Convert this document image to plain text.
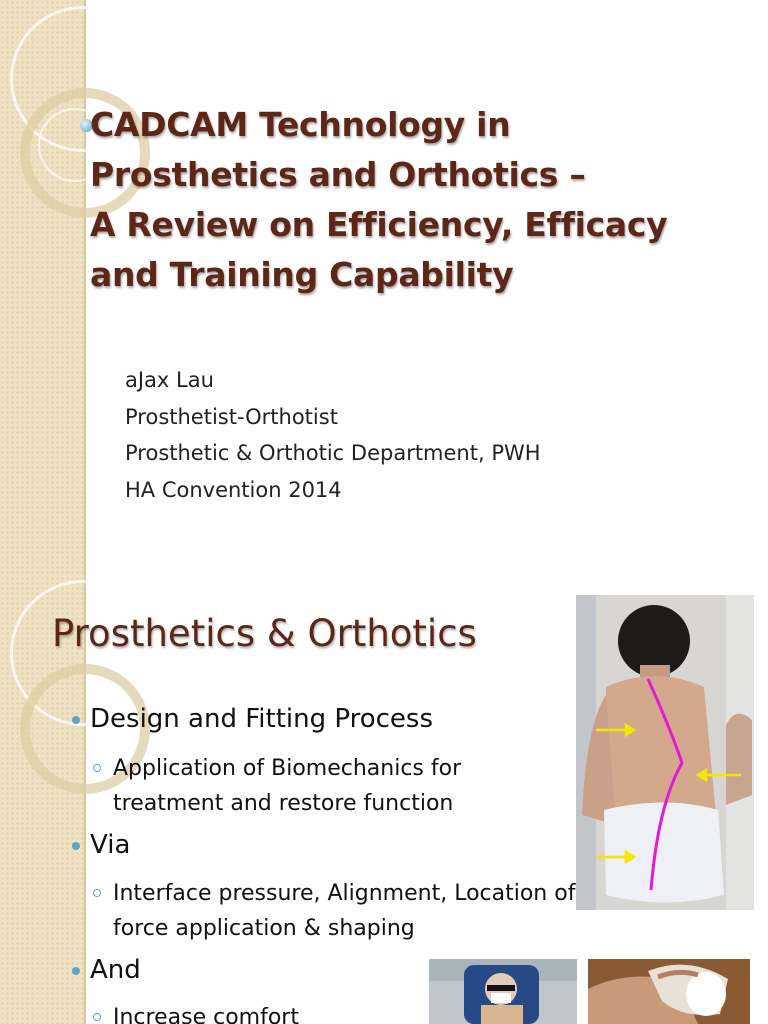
CADCAM Technology in
Prosthetics and Orthotics –
A Review on Efficiency, Efficacy
and Training Capability
aJax Lau
Prosthetist-Orthotist
Prosthetic & Orthotic Department, PWH
HA Convention 2014
Prosthetics & Orthotics
Design and Fitting Process
Application of Biomechanics for
treatment and restore function
Via
Interface pressure, Alignment, Location of
force application & shaping
And
Increase comfort
